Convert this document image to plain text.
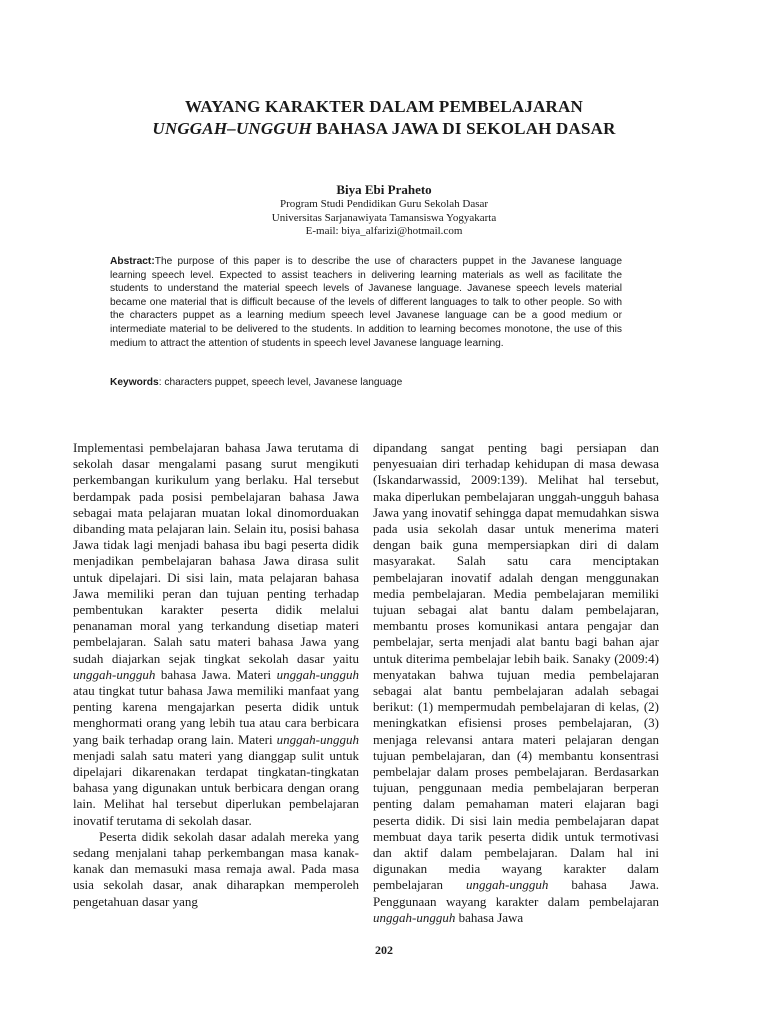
WAYANG KARAKTER DALAM PEMBELAJARAN
UNGGAH–UNGGUH BAHASA JAWA DI SEKOLAH DASAR
Biya Ebi Praheto
Program Studi Pendidikan Guru Sekolah Dasar
Universitas Sarjanawiyata Tamansiswa Yogyakarta
E-mail: biya_alfarizi@hotmail.com
Abstract:The purpose of this paper is to describe the use of characters puppet in the Javanese language learning speech level. Expected to assist teachers in delivering learning materials as well as facilitate the students to understand the material speech levels of Javanese language. Javanese speech levels material became one material that is difficult because of the levels of different languages to talk to other people. So with the characters puppet as a learning medium speech level Javanese language can be a good medium or intermediate material to be delivered to the students. In addition to learning becomes monotone, the use of this medium to attract the attention of students in speech level Javanese language learning.
Keywords: characters puppet, speech level, Javanese language

Implementasi pembelajaran bahasa Jawa terutama di sekolah dasar mengalami pasang surut mengikuti perkembangan kurikulum yang berlaku. Hal tersebut berdampak pada posisi pembelajaran bahasa Jawa sebagai mata pelajaran muatan lokal dinomorduakan dibanding mata pelajaran lain. Selain itu, posisi bahasa Jawa tidak lagi menjadi bahasa ibu bagi peserta didik menjadikan pembelajaran bahasa Jawa dirasa sulit untuk dipelajari. Di sisi lain, mata pelajaran bahasa Jawa memiliki peran dan tujuan penting terhadap pembentukan karakter peserta didik melalui penanaman moral yang terkandung disetiap materi pembelajaran. Salah satu materi bahasa Jawa yang sudah diajarkan sejak tingkat sekolah dasar yaitu unggah-ungguh bahasa Jawa. Materi unggah-ungguh atau tingkat tutur bahasa Jawa memiliki manfaat yang penting karena mengajarkan peserta didik untuk menghormati orang yang lebih tua atau cara berbicara yang baik terhadap orang lain. Materi unggah-ungguh menjadi salah satu materi yang dianggap sulit untuk dipelajari dikarenakan terdapat tingkatan-tingkatan bahasa yang digunakan untuk berbicara dengan orang lain. Melihat hal tersebut diperlukan pembelajaran inovatif terutama di sekolah dasar.

Peserta didik sekolah dasar adalah mereka yang sedang menjalani tahap perkembangan masa kanak-kanak dan memasuki masa remaja awal. Pada masa usia sekolah dasar, anak diharapkan memperoleh pengetahuan dasar yang

dipandang sangat penting bagi persiapan dan penyesuaian diri terhadap kehidupan di masa dewasa (Iskandarwassid, 2009:139). Melihat hal tersebut, maka diperlukan pembelajaran unggah-ungguh bahasa Jawa yang inovatif sehingga dapat memudahkan siswa pada usia sekolah dasar untuk menerima materi dengan baik guna mempersiapkan diri di dalam masyarakat. Salah satu cara menciptakan pembelajaran inovatif adalah dengan menggunakan media pembelajaran. Media pembelajaran memiliki tujuan sebagai alat bantu dalam pembelajaran, membantu proses komunikasi antara pengajar dan pembelajar, serta menjadi alat bantu bagi bahan ajar untuk diterima pembelajar lebih baik. Sanaky (2009:4) menyatakan bahwa tujuan media pembelajaran sebagai alat bantu pembelajaran adalah sebagai berikut: (1) mempermudah pembelajaran di kelas, (2) meningkatkan efisiensi proses pembelajaran, (3) menjaga relevansi antara materi pelajaran dengan tujuan pembelajaran, dan (4) membantu konsentrasi pembelajar dalam proses pembelajaran. Berdasarkan tujuan, penggunaan media pembelajaran berperan penting dalam pemahaman materi elajaran bagi peserta didik. Di sisi lain media pembelajaran dapat membuat daya tarik peserta didik untuk termotivasi dan aktif dalam pembelajaran. Dalam hal ini digunakan media wayang karakter dalam pembelajaran unggah-ungguh bahasa Jawa. Penggunaan wayang karakter dalam pembelajaran unggah-ungguh bahasa Jawa

202
